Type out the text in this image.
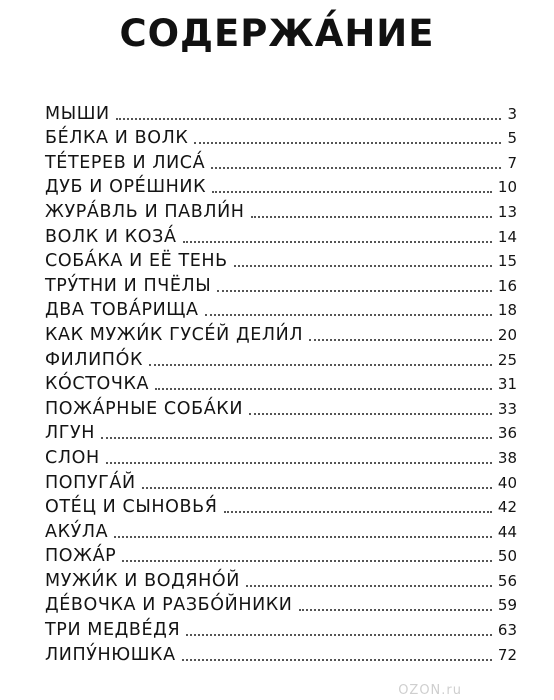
СОДЕРЖА́НИЕ
МЫШИ	3
БЕ́ЛКА И ВОЛК	5
ТЕ́ТЕРЕВ И ЛИСА́	7
ДУБ И ОРЕ́ШНИК	10
ЖУРА́ВЛЬ И ПАВЛИ́Н	13
ВОЛК И КОЗА́	14
СОБА́КА И ЕЁ ТЕНЬ	15
ТРУ́ТНИ И ПЧЁЛЫ	16
ДВА ТОВА́РИЩА	18
КАК МУЖИ́К ГУСЕ́Й ДЕЛИ́Л	20
ФИЛИПО́К	25
КО́СТОЧКА	31
ПОЖА́РНЫЕ СОБА́КИ	33
ЛГУН	36
СЛОН	38
ПОПУГА́Й	40
ОТЕ́Ц И СЫНОВЬЯ́	42
АКУ́ЛА	44
ПОЖА́Р	50
МУЖИ́К И ВОДЯНО́Й	56
ДЕ́ВОЧКА И РАЗБО́ЙНИКИ	59
ТРИ МЕДВЕ́ДЯ	63
ЛИПУ́НЮШКА	72
OZON.ru
